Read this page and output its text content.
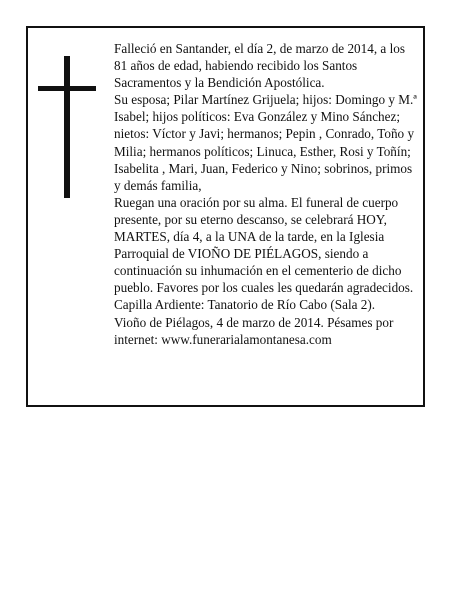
Falleció en Santander, el día 2, de marzo de 2014, a los 81 años de edad, habiendo recibido los Santos Sacramentos y la Bendición Apostólica.

Su esposa; Pilar Martínez Grijuela; hijos: Domingo y M.ª Isabel; hijos políticos: Eva González y Mino Sánchez; nietos: Víctor y Javi; hermanos; Pepin , Conrado, Toño y Milia; hermanos políticos; Linuca, Esther, Rosi y Toñín; Isabelita , Mari, Juan, Federico y Nino; sobrinos, primos y demás familia,

Ruegan una oración por su alma. El funeral de cuerpo presente, por su eterno descanso, se celebrará HOY, MARTES, día 4, a la UNA de la tarde, en la Iglesia Parroquial de VIOÑO DE PIÉLAGOS, siendo a continuación su inhumación en el cementerio de dicho pueblo. Favores por los cuales les quedarán agradecidos. Capilla Ardiente: Tanatorio de Río Cabo (Sala 2).

Vioño de Piélagos, 4 de marzo de 2014. Pésames por internet: www.funerarialamontanesa.com
